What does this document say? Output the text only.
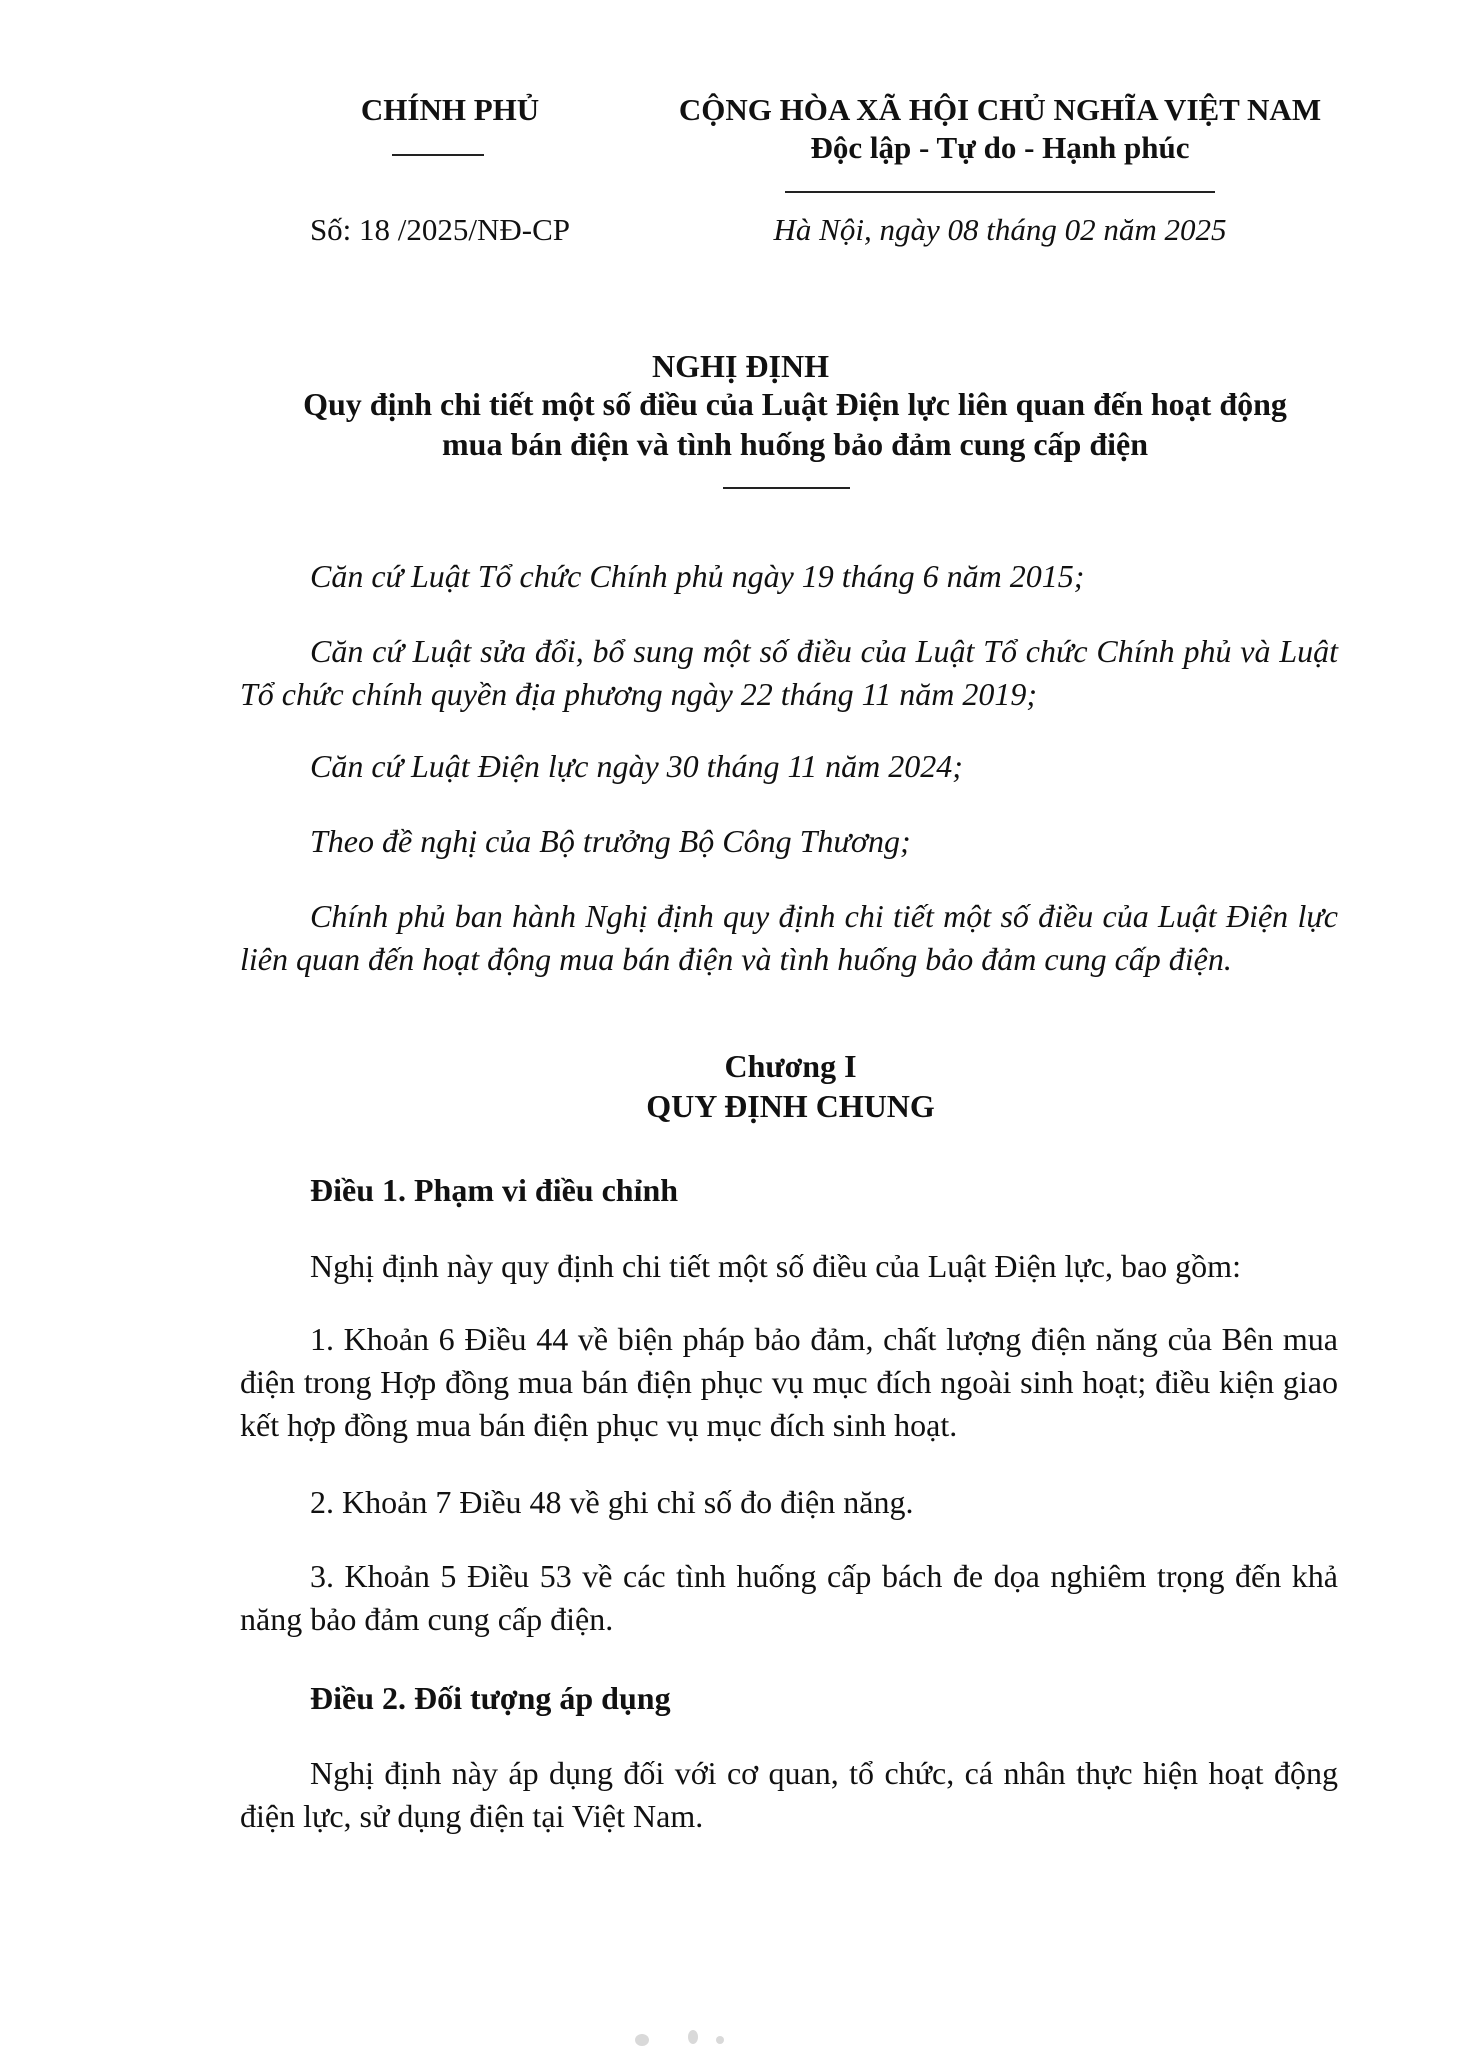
CHÍNH PHỦ	CỘNG HÒA XÃ HỘI CHỦ NGHĨA VIỆT NAM
Độc lập - Tự do - Hạnh phúc
Số: 18 /2025/NĐ-CP	Hà Nội, ngày 08 tháng 02 năm 2025
NGHỊ ĐỊNH
Quy định chi tiết một số điều của Luật Điện lực liên quan đến hoạt động
mua bán điện và tình huống bảo đảm cung cấp điện
Căn cứ Luật Tổ chức Chính phủ ngày 19 tháng 6 năm 2015;
Căn cứ Luật sửa đổi, bổ sung một số điều của Luật Tổ chức Chính phủ và Luật Tổ chức chính quyền địa phương ngày 22 tháng 11 năm 2019;
Căn cứ Luật Điện lực ngày 30 tháng 11 năm 2024;
Theo đề nghị của Bộ trưởng Bộ Công Thương;
Chính phủ ban hành Nghị định quy định chi tiết một số điều của Luật Điện lực liên quan đến hoạt động mua bán điện và tình huống bảo đảm cung cấp điện.
Chương I
QUY ĐỊNH CHUNG
Điều 1. Phạm vi điều chỉnh
Nghị định này quy định chi tiết một số điều của Luật Điện lực, bao gồm:
1. Khoản 6 Điều 44 về biện pháp bảo đảm, chất lượng điện năng của Bên mua điện trong Hợp đồng mua bán điện phục vụ mục đích ngoài sinh hoạt; điều kiện giao kết hợp đồng mua bán điện phục vụ mục đích sinh hoạt.
2. Khoản 7 Điều 48 về ghi chỉ số đo điện năng.
3. Khoản 5 Điều 53 về các tình huống cấp bách đe dọa nghiêm trọng đến khả năng bảo đảm cung cấp điện.
Điều 2. Đối tượng áp dụng
Nghị định này áp dụng đối với cơ quan, tổ chức, cá nhân thực hiện hoạt động điện lực, sử dụng điện tại Việt Nam.
